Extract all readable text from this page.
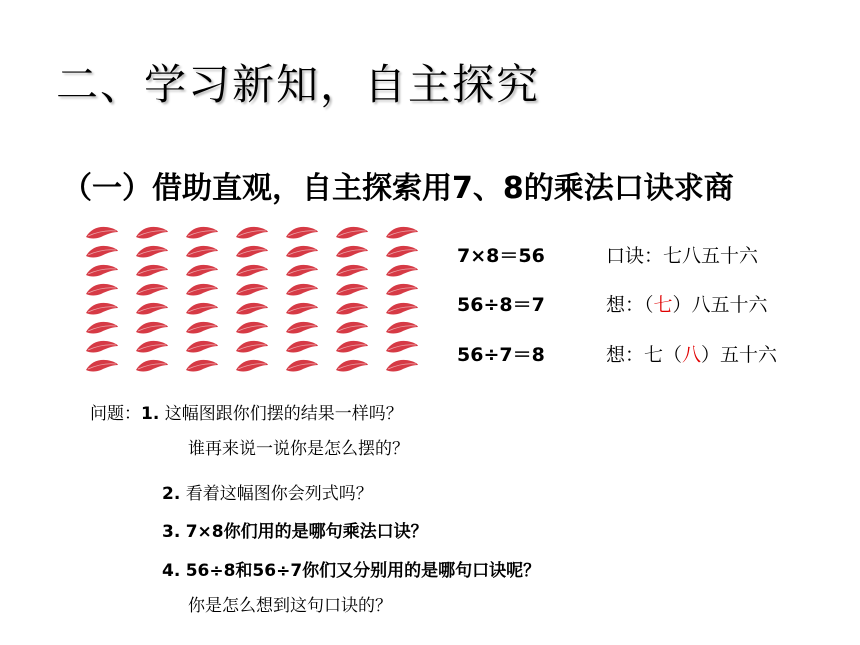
二、学习新知，自主探究
（一）借助直观，自主探索用7、8的乘法口诀求商
7×8＝56	口诀：七八五十六
56÷8＝7	想：（七）八五十六
56÷7＝8	想：七（八）五十六
问题：1. 这幅图跟你们摆的结果一样吗？
谁再来说一说你是怎么摆的？
2. 看着这幅图你会列式吗？
3. 7×8你们用的是哪句乘法口诀？
4. 56÷8和56÷7你们又分别用的是哪句口诀呢？
你是怎么想到这句口诀的？
